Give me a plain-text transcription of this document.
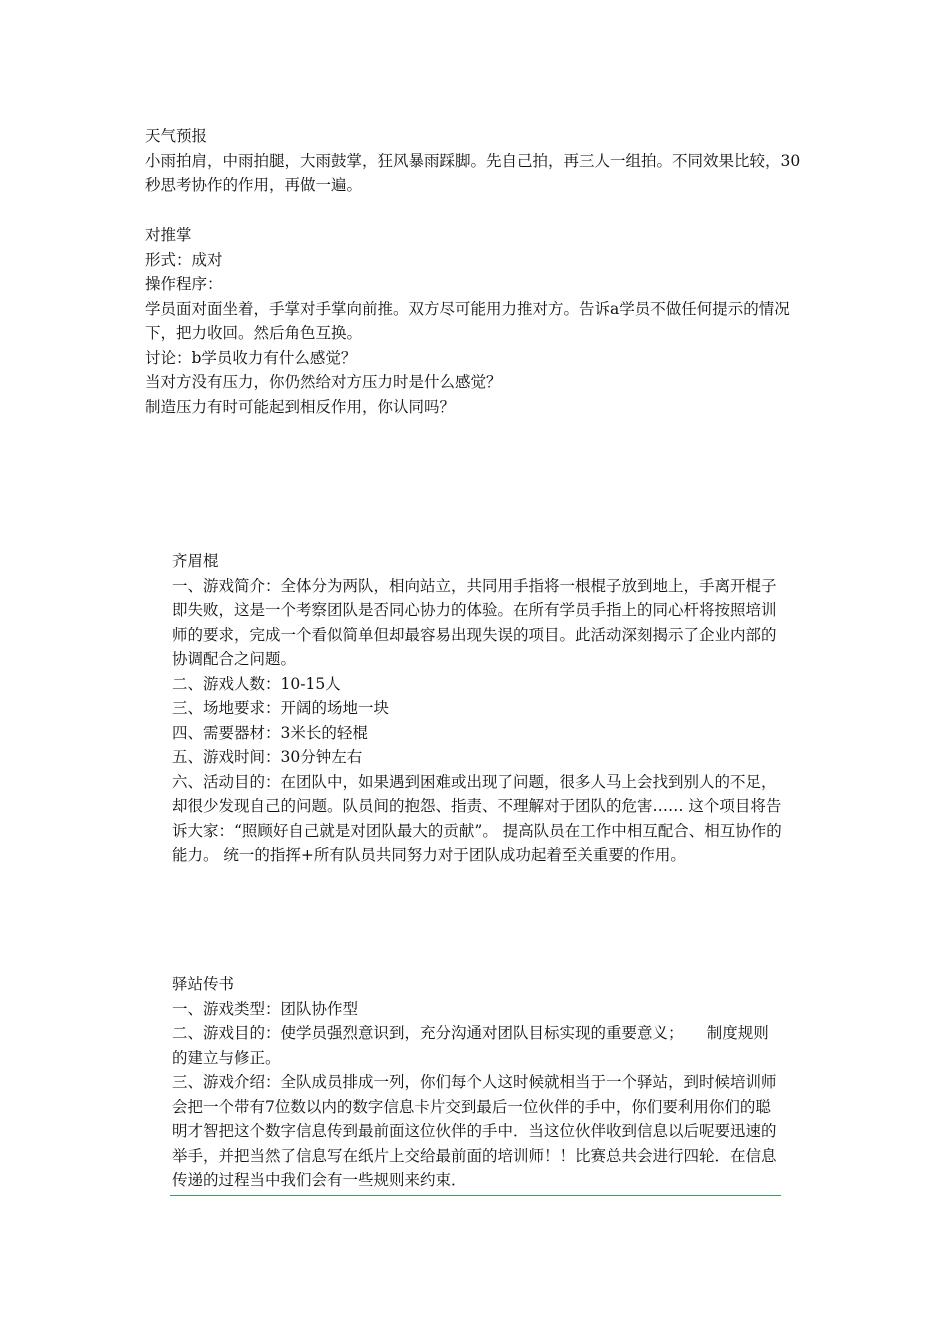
天气预报

小雨拍肩，中雨拍腿，大雨鼓掌，狂风暴雨踩脚。先自己拍，再三人一组拍。不同效果比较，30秒思考协作的作用，再做一遍。

对推掌

形式：成对

操作程序：

学员面对面坐着，手掌对手掌向前推。双方尽可能用力推对方。告诉a学员不做任何提示的情况下，把力收回。然后角色互换。

讨论：b学员收力有什么感觉？

当对方没有压力，你仍然给对方压力时是什么感觉？

制造压力有时可能起到相反作用，你认同吗？

齐眉棍

一、游戏简介：全体分为两队，相向站立，共同用手指将一根棍子放到地上，手离开棍子即失败，这是一个考察团队是否同心协力的体验。在所有学员手指上的同心杆将按照培训师的要求，完成一个看似简单但却最容易出现失误的项目。此活动深刻揭示了企业内部的协调配合之问题。

二、游戏人数：10-15人

三、场地要求：开阔的场地一块

四、需要器材：3米长的轻棍

五、游戏时间：30分钟左右

六、活动目的：在团队中，如果遇到困难或出现了问题，很多人马上会找到别人的不足，却很少发现自己的问题。队员间的抱怨、指责、不理解对于团队的危害…… 这个项目将告诉大家：“照顾好自己就是对团队最大的贡献”。 提高队员在工作中相互配合、相互协作的能力。 统一的指挥+所有队员共同努力对于团队成功起着至关重要的作用。

驿站传书

一、游戏类型：团队协作型

二、游戏目的：使学员强烈意识到，充分沟通对团队目标实现的重要意义；　　制度规则的建立与修正。

三、游戏介绍：全队成员排成一列，你们每个人这时候就相当于一个驿站，到时候培训师会把一个带有7位数以内的数字信息卡片交到最后一位伙伴的手中，你们要利用你们的聪明才智把这个数字信息传到最前面这位伙伴的手中．当这位伙伴收到信息以后呢要迅速的举手，并把当然了信息写在纸片上交给最前面的培训师！！比赛总共会进行四轮．在信息传递的过程当中我们会有一些规则来约束．
